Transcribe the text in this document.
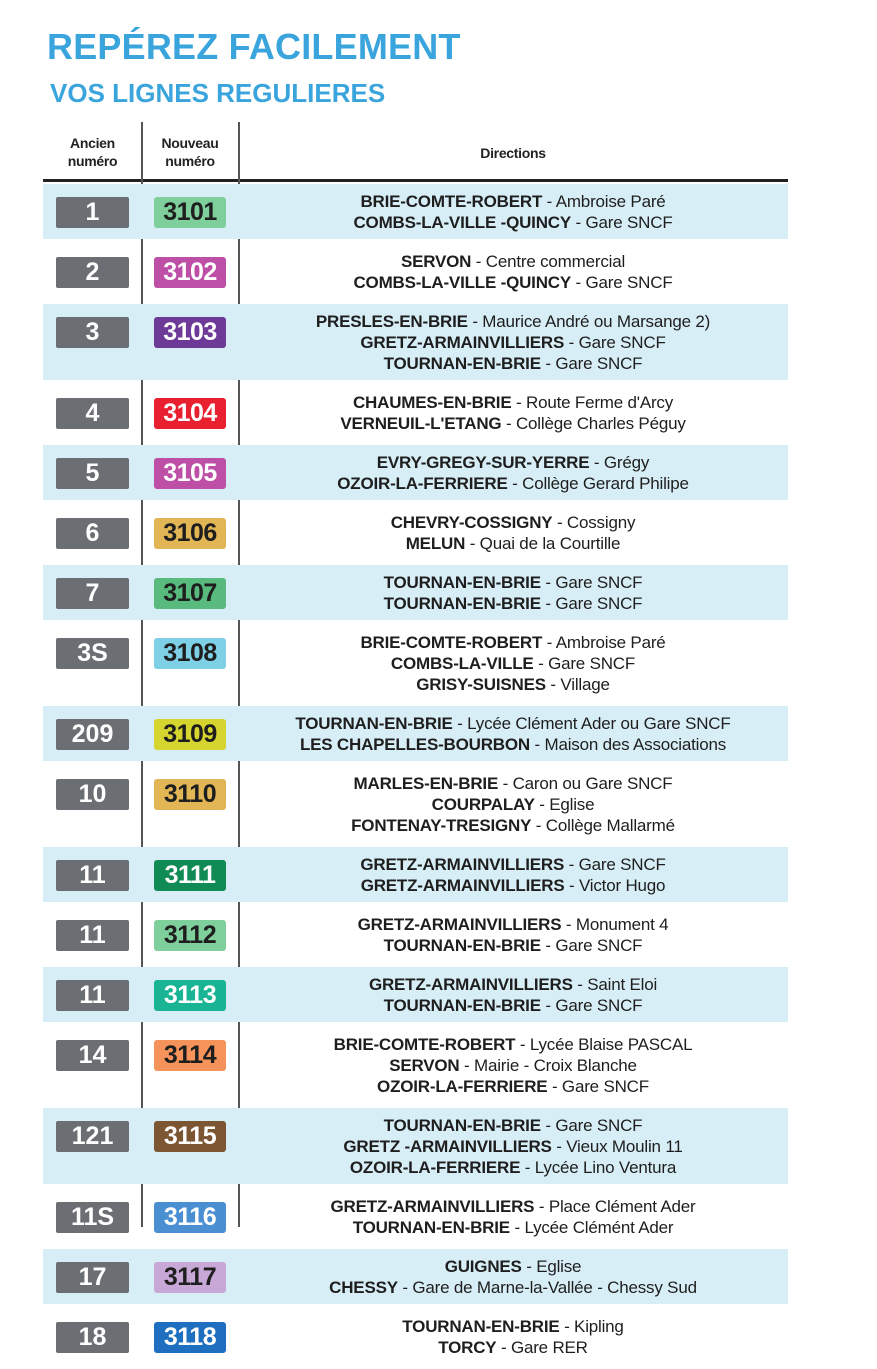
REPÉREZ FACILEMENT
VOS LIGNES REGULIERES
Ancien
numéro
Nouveau
numéro	Directions
1	3101	BRIE-COMTE-ROBERT - Ambroise Paré
COMBS-LA-VILLE -QUINCY - Gare SNCF
2	3102	SERVON - Centre commercial
COMBS-LA-VILLE -QUINCY - Gare SNCF
3	3103	PRESLES-EN-BRIE - Maurice André ou Marsange 2)
GRETZ-ARMAINVILLIERS - Gare SNCF
TOURNAN-EN-BRIE - Gare SNCF
4	3104	CHAUMES-EN-BRIE - Route Ferme d'Arcy
VERNEUIL-L'ETANG - Collège Charles Péguy
5	3105	EVRY-GREGY-SUR-YERRE - Grégy
OZOIR-LA-FERRIERE - Collège Gerard Philipe
6	3106	CHEVRY-COSSIGNY - Cossigny
MELUN - Quai de la Courtille
7	3107	TOURNAN-EN-BRIE - Gare SNCF
TOURNAN-EN-BRIE - Gare SNCF
3S	3108	BRIE-COMTE-ROBERT - Ambroise Paré
COMBS-LA-VILLE - Gare SNCF
GRISY-SUISNES - Village
209	3109	TOURNAN-EN-BRIE - Lycée Clément Ader ou Gare SNCF
LES CHAPELLES-BOURBON - Maison des Associations
10	3110	MARLES-EN-BRIE - Caron ou Gare SNCF
COURPALAY - Eglise
FONTENAY-TRESIGNY - Collège Mallarmé
11	3111	GRETZ-ARMAINVILLIERS - Gare SNCF
GRETZ-ARMAINVILLIERS - Victor Hugo
11	3112	GRETZ-ARMAINVILLIERS - Monument 4
TOURNAN-EN-BRIE - Gare SNCF
11	3113	GRETZ-ARMAINVILLIERS - Saint Eloi
TOURNAN-EN-BRIE - Gare SNCF
14	3114	BRIE-COMTE-ROBERT - Lycée Blaise PASCAL
SERVON - Mairie - Croix Blanche
OZOIR-LA-FERRIERE - Gare SNCF
121	3115	TOURNAN-EN-BRIE - Gare SNCF
GRETZ -ARMAINVILLIERS - Vieux Moulin 11
OZOIR-LA-FERRIERE - Lycée Lino Ventura
11S	3116	GRETZ-ARMAINVILLIERS - Place Clément Ader
TOURNAN-EN-BRIE - Lycée Clémént Ader
17	3117	GUIGNES - Eglise
CHESSY - Gare de Marne-la-Vallée - Chessy Sud
18	3118	TOURNAN-EN-BRIE - Kipling
TORCY - Gare RER
